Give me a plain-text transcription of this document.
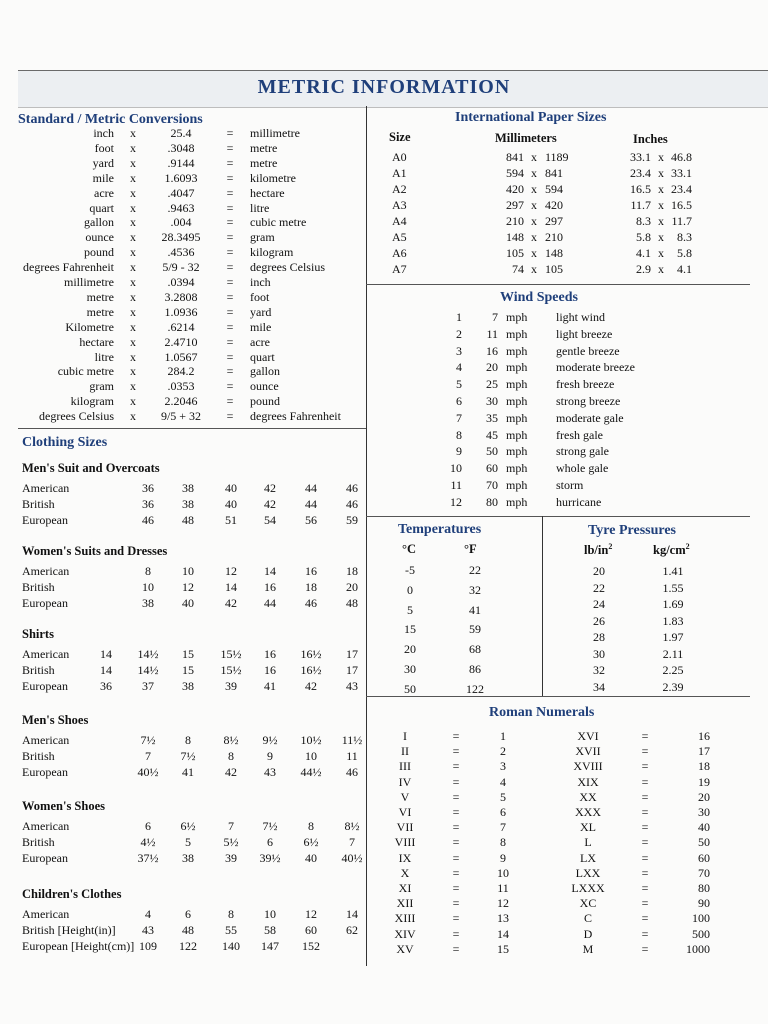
METRIC INFORMATION
Standard / Metric Conversions
inch x	25.4	= millimetre
foot x	.3048	= metre
yard x	.9144	= metre
mile x	1.6093	= kilometre
acre x	.4047	= hectare
quart x	.9463	= litre
gallon x	.004	= cubic metre
ounce x	28.3495	= gram
pound x	.4536	= kilogram
degrees Fahrenheit x	5/9 - 32	= degrees Celsius
millimetre x	.0394	= inch
metre x	3.2808	= foot
metre x	1.0936	= yard
Kilometre x	.6214	= mile
hectare x	2.4710	= acre
litre x	1.0567	= quart
cubic metre x	284.2	= gallon
gram x	.0353	= ounce
kilogram x	2.2046	= pound
degrees Celsius x	9/5 + 32	= degrees Fahrenheit
Clothing Sizes
Men's Suit and Overcoats
American	36	38	40	42	44	46
British	36	38	40	42	44	46
European	46	48	51	54	56	59
Women's Suits and Dresses
American	8	10	12	14	16	18
British	10	12	14	16	18	20
European	38	40	42	44	46	48
Shirts
American	14	14½	15	15½	16	16½	17
British	14	14½	15	15½	16	16½	17
European	36	37	38	39	41	42	43
Men's Shoes
American	7½	8	8½	9½	10½	11½
British	7	7½	8	9	10	11
European	40½	41	42	43	44½	46
Women's Shoes
American	6	6½	7	7½	8	8½
British	4½	5	5½	6	6½	7
European	37½	38	39	39½	40	40½
Children's Clothes
American	4	6	8	10	12	14
British [Height(in)]	43	48	55	58	60	62
European [Height(cm)] 109	122	140	147	152
International Paper Sizes
Size	Millimeters	Inches
A0	841 x 1189	33.1 x 46.8
A1	594 x 841	23.4 x 33.1
A2	420 x 594	16.5 x 23.4
A3	297 x 420	11.7 x 16.5
A4	210 x 297	8.3 x 11.7
A5	148 x 210	5.8 x	8.3
A6	105 x 148	4.1 x	5.8
A7	74 x 105	2.9 x	4.1
Wind Speeds
1	7 mph light wind
2	11 mph light breeze
3	16 mph gentle breeze
4	20 mph moderate breeze
5	25 mph fresh breeze
6	30 mph strong breeze
7	35 mph moderate gale
8	45 mph fresh gale
9	50 mph strong gale
10	60 mph whole gale
11	70 mph storm
12	80 mph hurricane
Temperatures
°C	°F
-5	22
0	32
5	41
15	59
20	68
30	86
50	122
Tyre Pressures
$lb/in^2$	$kg/cm^2$
20	1.41
22	1.55
24	1.69
26	1.83
28	1.97
30	2.11
32	2.25
34	2.39
Roman Numerals
I	=	1
II	=	2
III	=	3
IV	=	4
V	=	5
VI	=	6
VII	=	7
VIII	=	8
IX	=	9
X	=	10
XI	=	11
XII	=	12
XIII	=	13
XIV	=	14
XV	=	15
XVI	=	16
XVII	=	17
XVIII	=	18
XIX	=	19
XX	=	20
XXX	=	30
XL	=	40
L	=	50
LX	=	60
LXX	=	70
LXXX	=	80
XC	=	90
C	=	100
D	=	500
M	=	1000
